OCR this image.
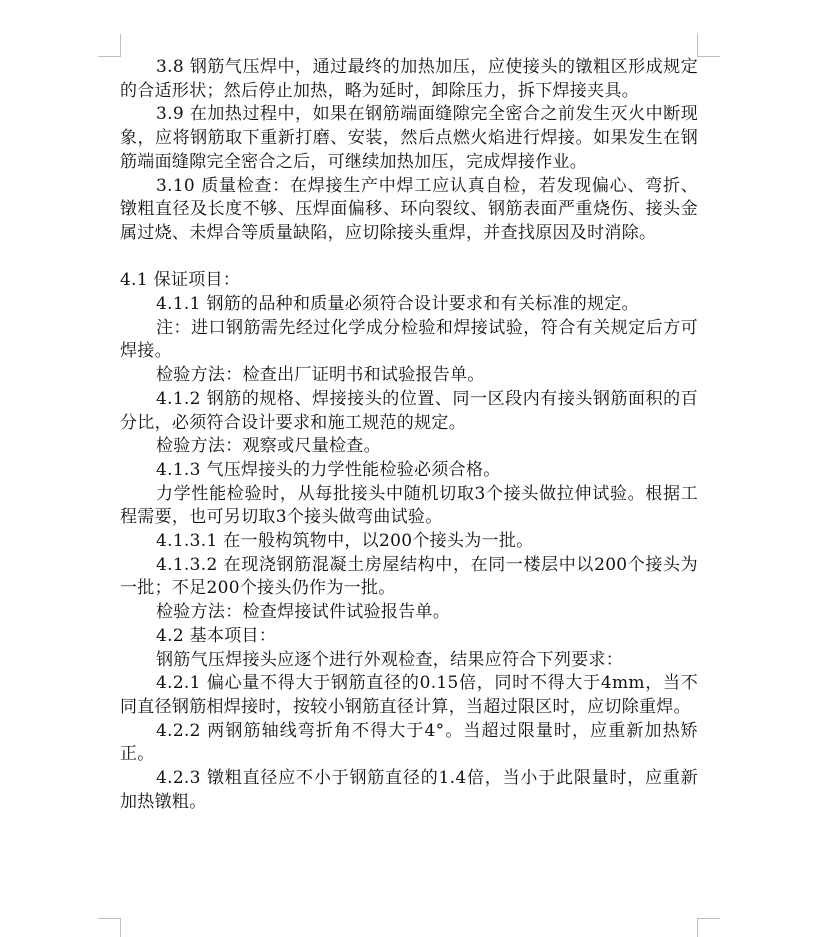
3.8 钢筋气压焊中，通过最终的加热加压，应使接头的镦粗区形成规定的合适形状；然后停止加热，略为延时，卸除压力，拆下焊接夹具。

3.9 在加热过程中，如果在钢筋端面缝隙完全密合之前发生灭火中断现象，应将钢筋取下重新打磨、安装，然后点燃火焰进行焊接。如果发生在钢筋端面缝隙完全密合之后，可继续加热加压，完成焊接作业。

3.10 质量检查：在焊接生产中焊工应认真自检，若发现偏心、弯折、镦粗直径及长度不够、压焊面偏移、环向裂纹、钢筋表面严重烧伤、接头金属过烧、未焊合等质量缺陷，应切除接头重焊，并查找原因及时消除。

4.1 保证项目：

4.1.1 钢筋的品种和质量必须符合设计要求和有关标准的规定。

注：进口钢筋需先经过化学成分检验和焊接试验，符合有关规定后方可焊接。

检验方法：检查出厂证明书和试验报告单。

4.1.2 钢筋的规格、焊接接头的位置、同一区段内有接头钢筋面积的百分比，必须符合设计要求和施工规范的规定。

检验方法：观察或尺量检查。

4.1.3 气压焊接头的力学性能检验必须合格。

力学性能检验时，从每批接头中随机切取3个接头做拉伸试验。根据工程需要，也可另切取3个接头做弯曲试验。

4.1.3.1 在一般构筑物中，以200个接头为一批。

4.1.3.2 在现浇钢筋混凝土房屋结构中，在同一楼层中以200个接头为一批；不足200个接头仍作为一批。

检验方法：检查焊接试件试验报告单。

4.2 基本项目：

钢筋气压焊接头应逐个进行外观检查，结果应符合下列要求：

4.2.1 偏心量不得大于钢筋直径的0.15倍，同时不得大于4mm，当不同直径钢筋相焊接时，按较小钢筋直径计算，当超过限区时，应切除重焊。

4.2.2 两钢筋轴线弯折角不得大于4°。当超过限量时，应重新加热矫正。

4.2.3 镦粗直径应不小于钢筋直径的1.4倍，当小于此限量时，应重新加热镦粗。
